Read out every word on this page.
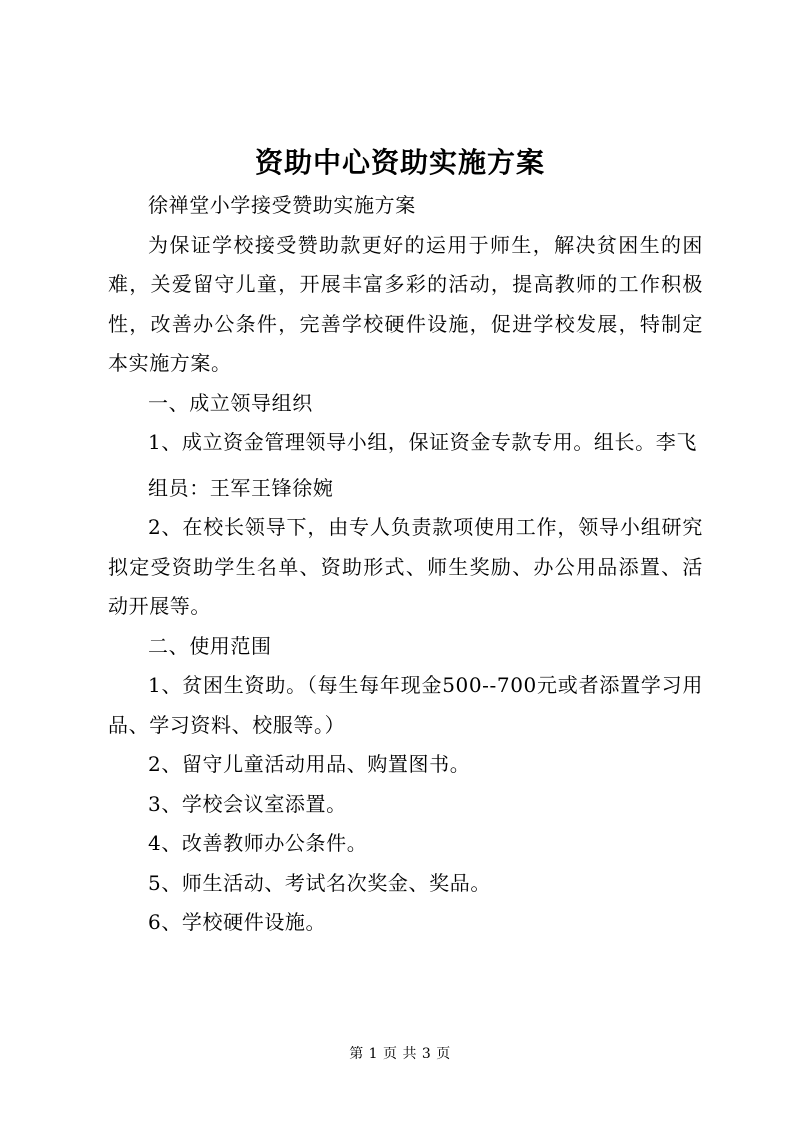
资助中心资助实施方案

徐禅堂小学接受赞助实施方案

为保证学校接受赞助款更好的运用于师生，解决贫困生的困难，关爱留守儿童，开展丰富多彩的活动，提高教师的工作积极性，改善办公条件，完善学校硬件设施，促进学校发展，特制定本实施方案。

一、成立领导组织

1、成立资金管理领导小组，保证资金专款专用。组长。李飞

组员：王军王锋徐婉

2、在校长领导下，由专人负责款项使用工作，领导小组研究拟定受资助学生名单、资助形式、师生奖励、办公用品添置、活动开展等。

二、使用范围

1、贫困生资助。（每生每年现金500--700元或者添置学习用品、学习资料、校服等。）

2、留守儿童活动用品、购置图书。

3、学校会议室添置。

4、改善教师办公条件。

5、师生活动、考试名次奖金、奖品。

6、学校硬件设施。

第 1 页 共 3 页
